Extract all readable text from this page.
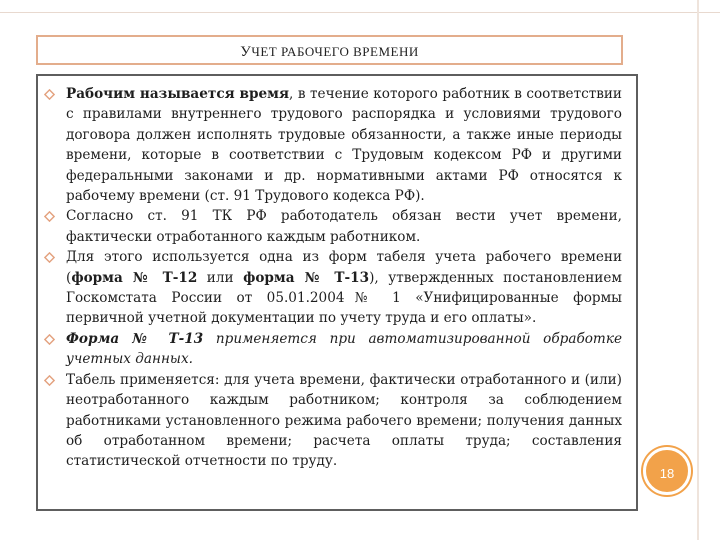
УЧЕТ РАБОЧЕГО ВРЕМЕНИ
Рабочим называется время, в течение которого работник в соответствии с правилами внутреннего трудового распорядка и условиями трудового договора должен исполнять трудовые обязанности, а также иные периоды времени, которые в соответствии с Трудовым кодексом РФ и другими федеральными законами и др. нормативными актами РФ относятся к рабочему времени (ст. 91 Трудового кодекса РФ).
Согласно ст. 91 ТК РФ работодатель обязан вести учет времени, фактически отработанного каждым работником.
Для этого используется одна из форм табеля учета рабочего времени (форма № Т-12 или форма № Т-13), утвержденных постановлением Госкомстата России от 05.01.2004№ 1 «Унифицированные формы первичной учетной документации по учету труда и его оплаты».
Форма № Т-13 применяется при автоматизированной обработке учетных данных.
Табель применяется: для учета времени, фактически отработанного и (или) неотработанного каждым работником; контроля за соблюдением работниками установленного режима рабочего времени; получения данных об отработанном времени; расчета оплаты труда; составления статистической отчетности по труду.
18
